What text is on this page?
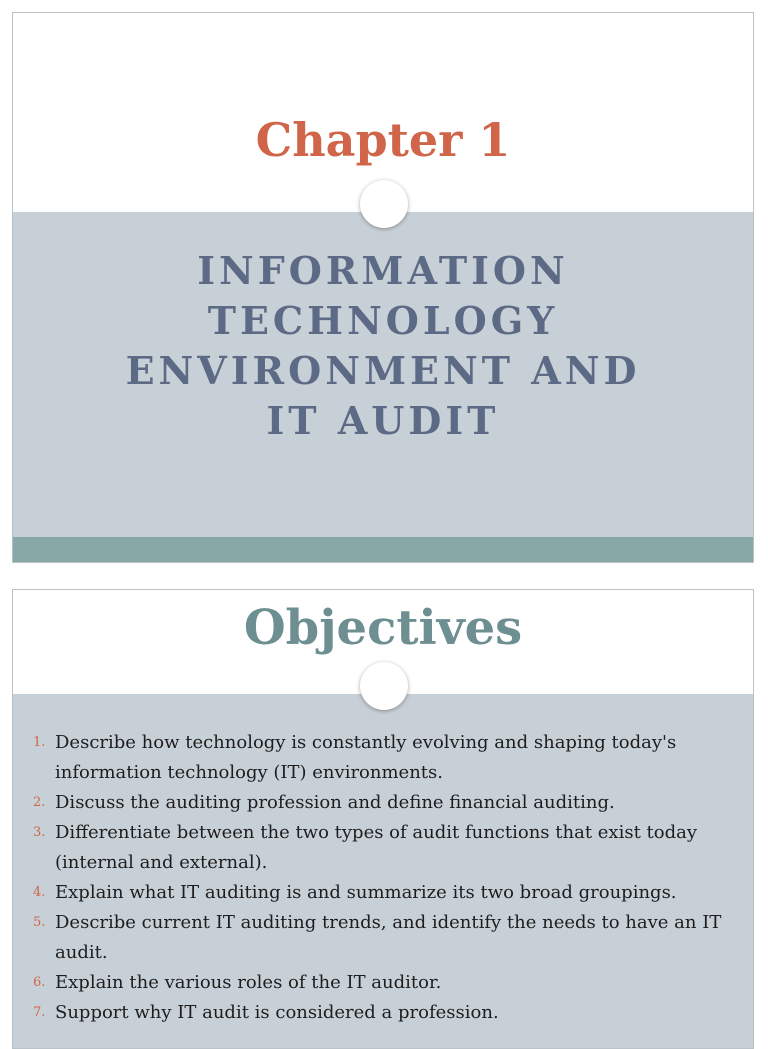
Chapter 1
INFORMATION
TECHNOLOGY
ENVIRONMENT AND
IT AUDIT
Objectives
1. Describe how technology is constantly evolving and shaping today's information technology (IT) environments.
2. Discuss the auditing profession and define financial auditing.
3. Differentiate between the two types of audit functions that exist today (internal and external).
4. Explain what IT auditing is and summarize its two broad groupings.
5. Describe current IT auditing trends, and identify the needs to have an IT audit.
6. Explain the various roles of the IT auditor.
7. Support why IT audit is considered a profession.
